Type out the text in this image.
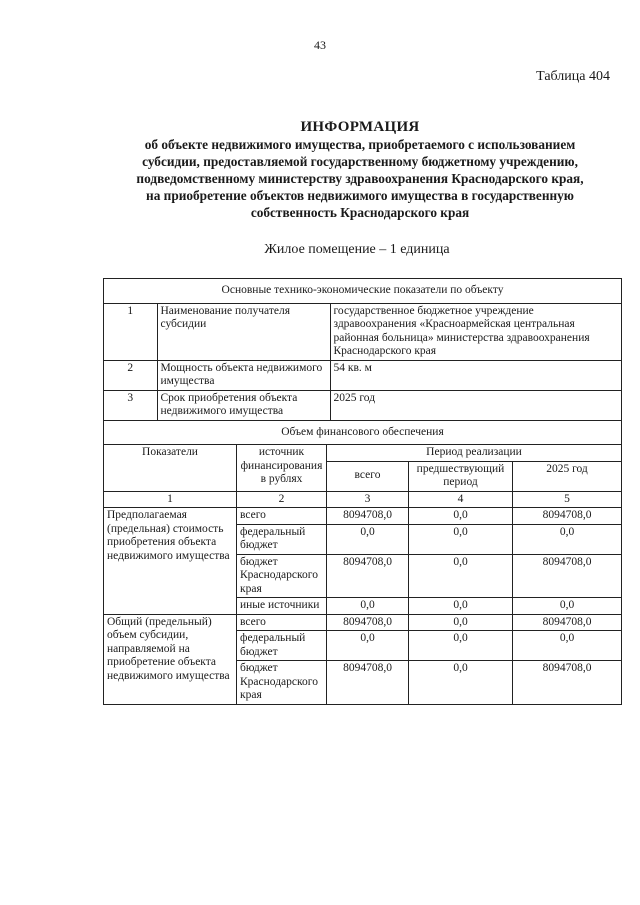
43
Таблица 404
ИНФОРМАЦИЯ
об объекте недвижимого имущества, приобретаемого с использованием
субсидии, предоставляемой государственному бюджетному учреждению,
подведомственному министерству здравоохранения Краснодарского края,
на приобретение объектов недвижимого имущества в государственную
собственность Краснодарского края
Жилое помещение – 1 единица
Основные технико-экономические показатели по объекту

1	Наименование получателя субсидии	государственное бюджетное учреждение здравоохранения «Красноармейская центральная районная больница» министерства здравоохранения Краснодарского края

2	Мощность объекта недвижимого имущества	54 кв. м

3	Срок приобретения объекта недвижимого имущества	2025 год

Объем финансового обеспечения
Показатели	источник финансирования в рублях	Период реализации
всего	предшествующий период	2025 год
1	2	3	4	5
Предполагаемая (предельная) стоимость приобретения объекта недвижимого имущества	всего	8094708,0	0,0	8094708,0
федеральный бюджет	0,0	0,0	0,0
бюджет Краснодарского края	8094708,0	0,0	8094708,0
иные источники	0,0	0,0	0,0
Общий (предельный) объем субсидии, направляемой на приобретение объекта недвижимого имущества	всего	8094708,0	0,0	8094708,0
федеральный бюджет	0,0	0,0	0,0
бюджет Краснодарского края	8094708,0	0,0	8094708,0
